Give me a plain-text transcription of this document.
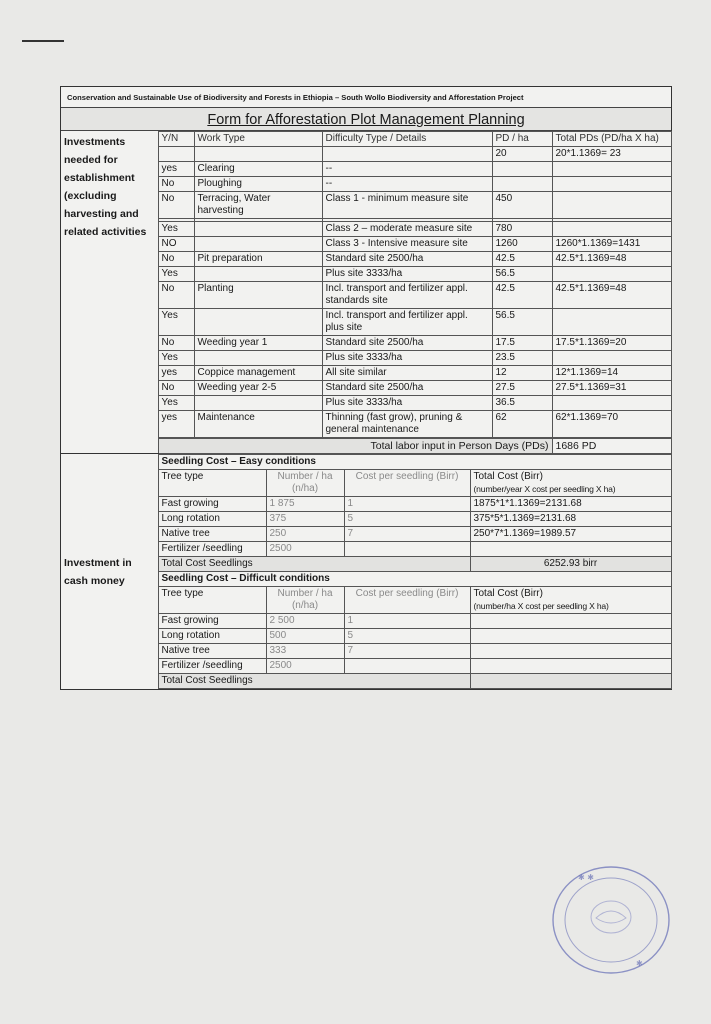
Conservation and Sustainable Use of Biodiversity and Forests in Ethiopia – South Wollo Biodiversity and Afforestation Project
Form for Afforestation Plot Management Planning
Investments needed for establishment (excluding harvesting and related activities	Y/N	Work Type	Difficulty Type / Details	PD / ha	Total PDs (PD/ha X ha)
				20	20*1.1369= 23
	yes	Clearing	--		
	No	Ploughing	--		
	No	Terracing, Water harvesting	Class 1 - minimum measure site	450	

	Yes		Class 2 – moderate measure site	780	
	NO		Class 3 - Intensive measure site	1260	1260*1.1369=1431
	No	Pit preparation	Standard site 2500/ha	42.5	42.5*1.1369=48
	Yes		Plus site 3333/ha	56.5	
	No	Planting	Incl. transport and fertilizer appl. standards site	42.5	42.5*1.1369=48
	Yes		Incl. transport and fertilizer appl. plus site	56.5	
	No	Weeding year 1	Standard site 2500/ha	17.5	17.5*1.1369=20
	Yes		Plus site 3333/ha	23.5	
	yes	Coppice management	All site similar	12	12*1.1369=14
	No	Weeding year 2-5	Standard site 2500/ha	27.5	27.5*1.1369=31
	Yes		Plus site 3333/ha	36.5	
	yes	Maintenance	Thinning (fast grow), pruning & general maintenance	62	62*1.1369=70
	Total labor input in Person Days (PDs)	1686 PD
Investment in cash money	Seedling Cost – Easy conditions			
	Tree type	Number / ha (n/ha)	Cost per seedling (Birr)	Total Cost (Birr)
(number/year X cost per seedling X ha)

	Fast growing	1 875	1	1875*1*1.1369=2131.68
	Long rotation	375	5	375*5*1.1369=2131.68
	Native tree	250	7	250*7*1.1369=1989.57
	Fertilizer /seedling	2500		
	Total Cost Seedlings			6252.93 birr
	Seedling Cost – Difficult conditions			
	Tree type	Number / ha (n/ha)	Cost per seedling (Birr)	Total Cost (Birr)
(number/ha X cost per seedling X ha)

	Fast growing	2 500	1	
	Long rotation	500	5	
	Native tree	333	7	
	Fertilizer /seedling	2500		
	Total Cost Seedlings			
✱ ✱
✱
